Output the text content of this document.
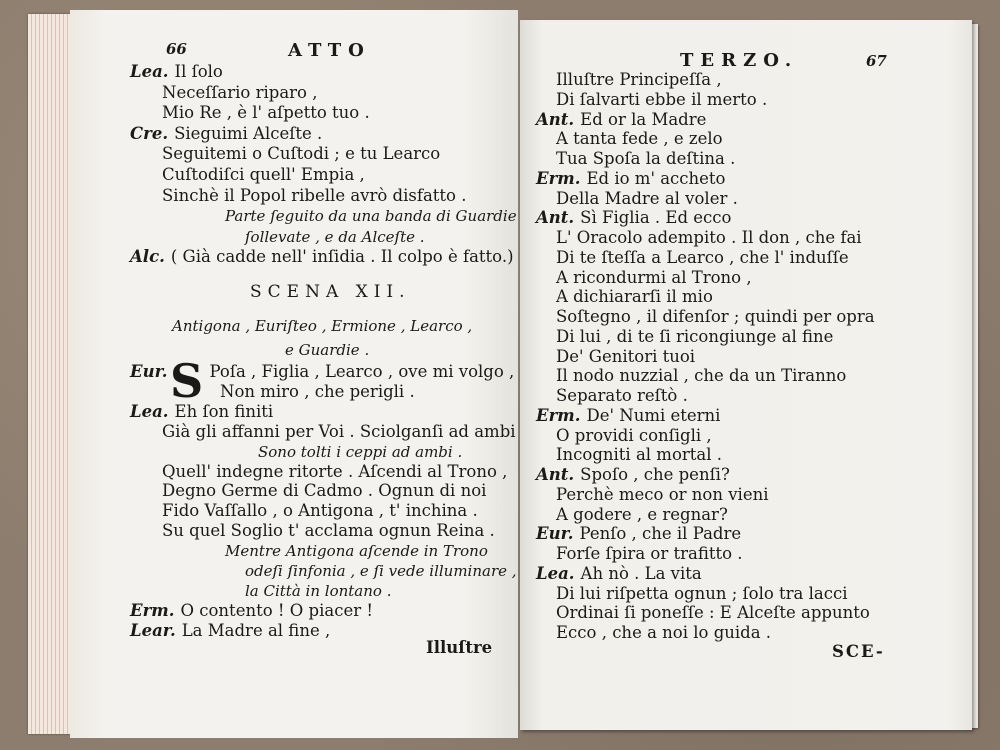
66	ATTO
Lea. Il ſolo
Neceſſario riparo ,
Mio Re , è l' aſpetto tuo .
Cre. Sieguimi Alceſte .
Seguitemi o Cuſtodi ; e tu Learco
Cuſtodiſci quell' Empia ,
Sinchè il Popol ribelle avrò disfatto .
Parte ſeguito da una banda di Guardie
ſollevate , e da Alceſte .
Alc. ( Già cadde nell' inſidia . Il colpo è fatto.)
SCENA XII.
Antigona , Euriſteo , Ermione , Learco ,
e Guardie .
Eur. S Poſa , Figlia , Learco , ove mi volgo ,
Non miro , che perigli .
Lea. Eh ſon finiti
Già gli affanni per Voi . Sciolganſi ad ambi
Sono tolti i ceppi ad ambi .
Quell' indegne ritorte . Aſcendi al Trono ,
Degno Germe di Cadmo . Ognun di noi
Fido Vaſſallo , o Antigona , t' inchina .
Su quel Soglio t' acclama ognun Reina .
Mentre Antigona aſcende in Trono
odeſi ſinfonia , e ſi vede illuminare ,
la Città in lontano .
Erm. O contento ! O piacer !
Lear. La Madre al fine ,
Illuſtre
TERZO.	67
Illuſtre Principeſſa ,
Di ſalvarti ebbe il merto .
Ant. Ed or la Madre
A tanta fede , e zelo
Tua Spoſa la deſtina .
Erm. Ed io m' accheto
Della Madre al voler .
Ant. Sì Figlia . Ed ecco
L' Oracolo adempito . Il don , che fai
Di te ſteſſa a Learco , che l' induſſe
A ricondurmi al Trono ,
A dichiararſi il mio
Soſtegno , il difenſor ; quindi per opra
Di lui , di te ſi ricongiunge al fine
De' Genitori tuoi
Il nodo nuzzial , che da un Tiranno
Separato reſtò .
Erm. De' Numi eterni
O providi conſigli ,
Incogniti al mortal .
Ant. Spoſo , che penſi?
Perchè meco or non vieni
A godere , e regnar?
Eur. Penſo , che il Padre
Forſe ſpira or trafitto .
Lea. Ah nò . La vita
Di lui riſpetta ognun ; ſolo tra lacci
Ordinai ſi poneſſe : E Alceſte appunto
Ecco , che a noi lo guida .
SCE-
